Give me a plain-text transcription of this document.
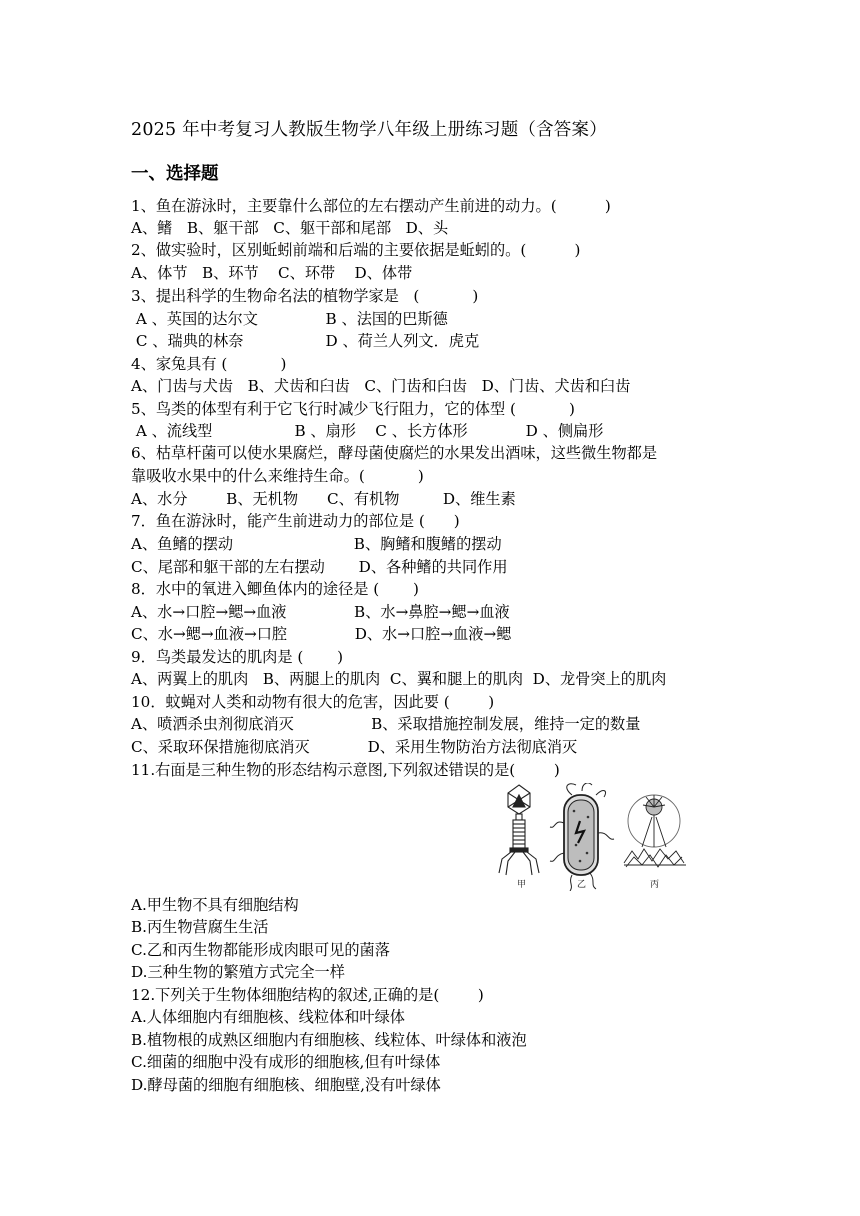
2025 年中考复习人教版生物学八年级上册练习题（含答案）
一、选择题
1、鱼在游泳时，主要靠什么部位的左右摆动产生前进的动力。(          )
A、鳍   B、躯干部   C、躯干部和尾部   D、头
2、做实验时，区别蚯蚓前端和后端的主要依据是蚯蚓的。(          )
A、体节   B、环节    C、环带    D、体带
3、提出科学的生物命名法的植物学家是   (           )
A 、英国的达尔文              B 、法国的巴斯德
C 、瑞典的林奈                 D 、荷兰人列文．虎克
4、家兔具有 (           )
A、门齿与犬齿   B、犬齿和臼齿   C、门齿和臼齿   D、门齿、犬齿和臼齿
5、鸟类的体型有利于它飞行时减少飞行阻力，它的体型 (           )
A 、流线型                 B 、扇形    C 、长方体形            D 、侧扁形
6、枯草杆菌可以使水果腐烂，酵母菌使腐烂的水果发出酒味，这些微生物都是
靠吸收水果中的什么来维持生命。(           )
A、水分        B、无机物      C、有机物         D、维生素
7．鱼在游泳时，能产生前进动力的部位是 (      )
A、鱼鳍的摆动                         B、胸鳍和腹鳍的摆动
C、尾部和躯干部的左右摆动       D、各种鳍的共同作用
8．水中的氧进入鲫鱼体内的途径是 (       )
A、水→口腔→鳃→血液              B、水→鼻腔→鳃→血液
C、水→鳃→血液→口腔              D、水→口腔→血液→鳃
9．鸟类最发达的肌肉是 (       )
A、两翼上的肌肉   B、两腿上的肌肉  C、翼和腿上的肌肉  D、龙骨突上的肌肉
10．蚊蝇对人类和动物有很大的危害，因此要 (        )
A、喷洒杀虫剂彻底消灭                B、采取措施控制发展，维持一定的数量
C、采取环保措施彻底消灭            D、采用生物防治方法彻底消灭
11.右面是三种生物的形态结构示意图,下列叙述错误的是(        )
甲	乙	丙
A.甲生物不具有细胞结构
B.丙生物营腐生生活
C.乙和丙生物都能形成肉眼可见的菌落
D.三种生物的繁殖方式完全一样
12.下列关于生物体细胞结构的叙述,正确的是(        )
A.人体细胞内有细胞核、线粒体和叶绿体
B.植物根的成熟区细胞内有细胞核、线粒体、叶绿体和液泡
C.细菌的细胞中没有成形的细胞核,但有叶绿体
D.酵母菌的细胞有细胞核、细胞壁,没有叶绿体
